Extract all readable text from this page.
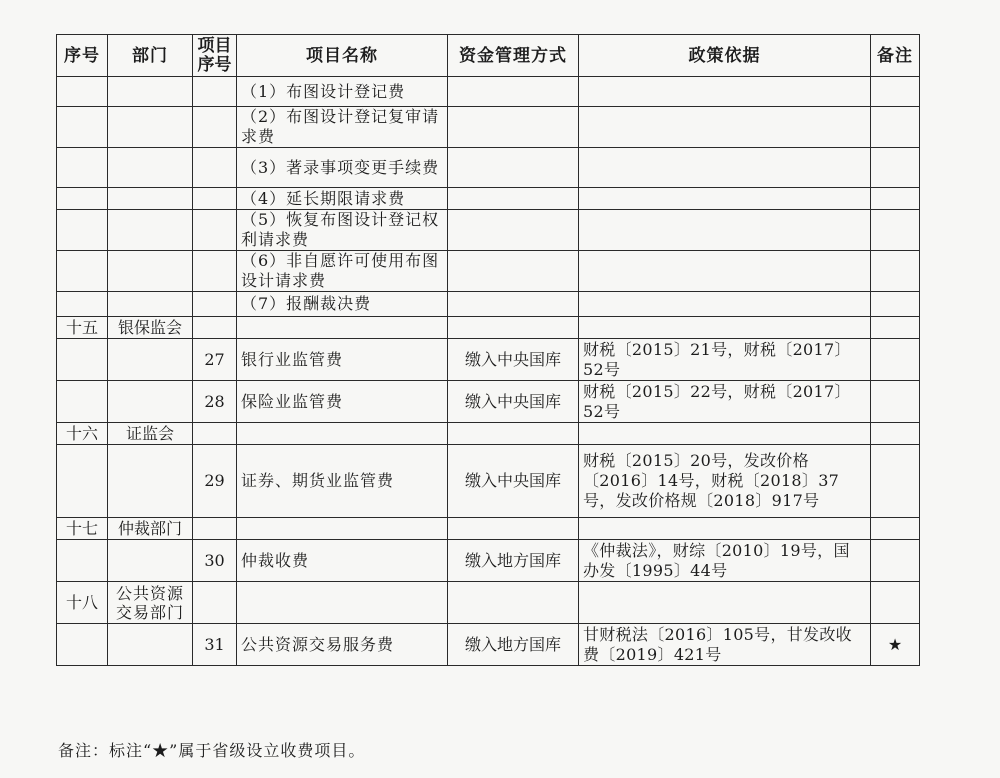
序号	部门	项目序号	项目名称	资金管理方式	政策依据	备注
			（1）布图设计登记费			
			（2）布图设计登记复审请求费			
			（3）著录事项变更手续费			
			（4）延长期限请求费			
			（5）恢复布图设计登记权利请求费			
			（6）非自愿许可使用布图设计请求费			
			（7）报酬裁决费			
十五	银保监会					
		27	银行业监管费	缴入中央国库	财税〔2015〕21号，财税〔2017〕52号	
		28	保险业监管费	缴入中央国库	财税〔2015〕22号，财税〔2017〕52号	
十六	证监会					
		29	证券、期货业监管费	缴入中央国库	财税〔2015〕20号，发改价格〔2016〕14号，财税〔2018〕37号，发改价格规〔2018〕917号	
十七	仲裁部门					
		30	仲裁收费	缴入地方国库	《仲裁法》，财综〔2010〕19号，国办发〔1995〕44号	
十八	公共资源交易部门					
		31	公共资源交易服务费	缴入地方国库	甘财税法〔2016〕105号，甘发改收费〔2019〕421号	★
备注：标注“★”属于省级设立收费项目。
